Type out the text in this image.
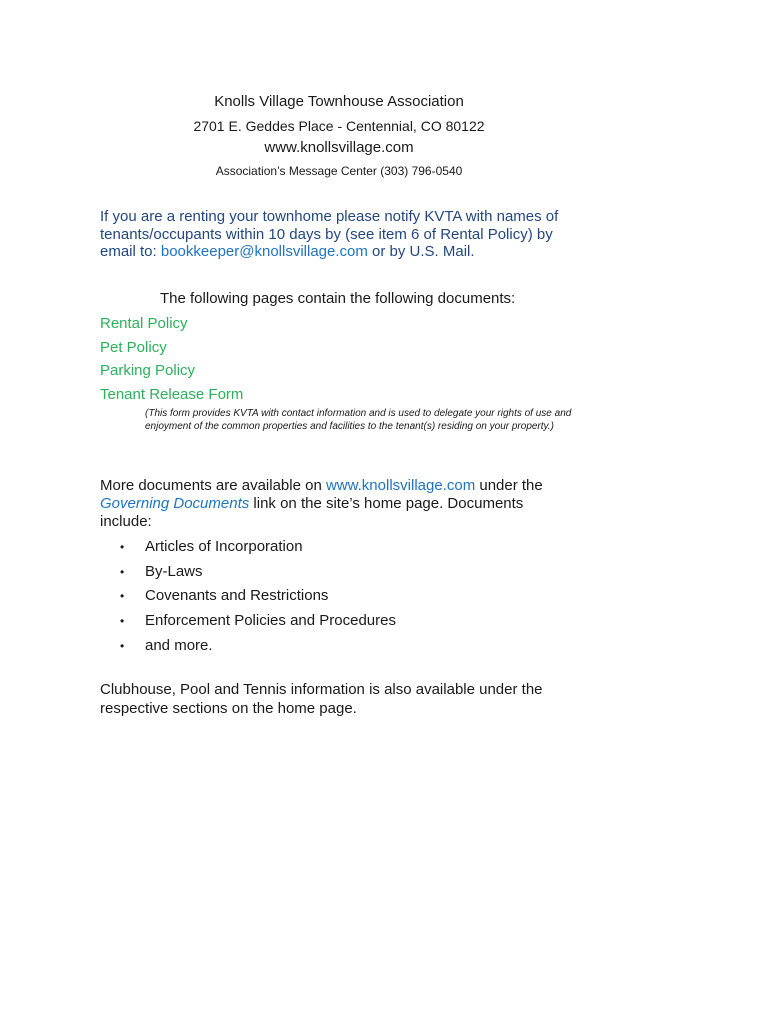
Knolls Village Townhouse Association
2701 E. Geddes Place - Centennial, CO 80122
www.knollsvillage.com
Association’s Message Center (303) 796-0540
If you are a renting your townhome please notify KVTA with names of tenants/occupants within 10 days by (see item 6 of Rental Policy) by email to: bookkeeper@knollsvillage.com or by U.S. Mail.
The following pages contain the following documents:
Rental Policy
Pet Policy
Parking Policy
Tenant Release Form
(This form provides KVTA with contact information and is used to delegate your rights of use and enjoyment of the common properties and facilities to the tenant(s) residing on your property.)
More documents are available on www.knollsvillage.com under the Governing Documents link on the site’s home page. Documents include:
• Articles of Incorporation
• By-Laws
• Covenants and Restrictions
• Enforcement Policies and Procedures
• and more.
Clubhouse, Pool and Tennis information is also available under the respective sections on the home page.
